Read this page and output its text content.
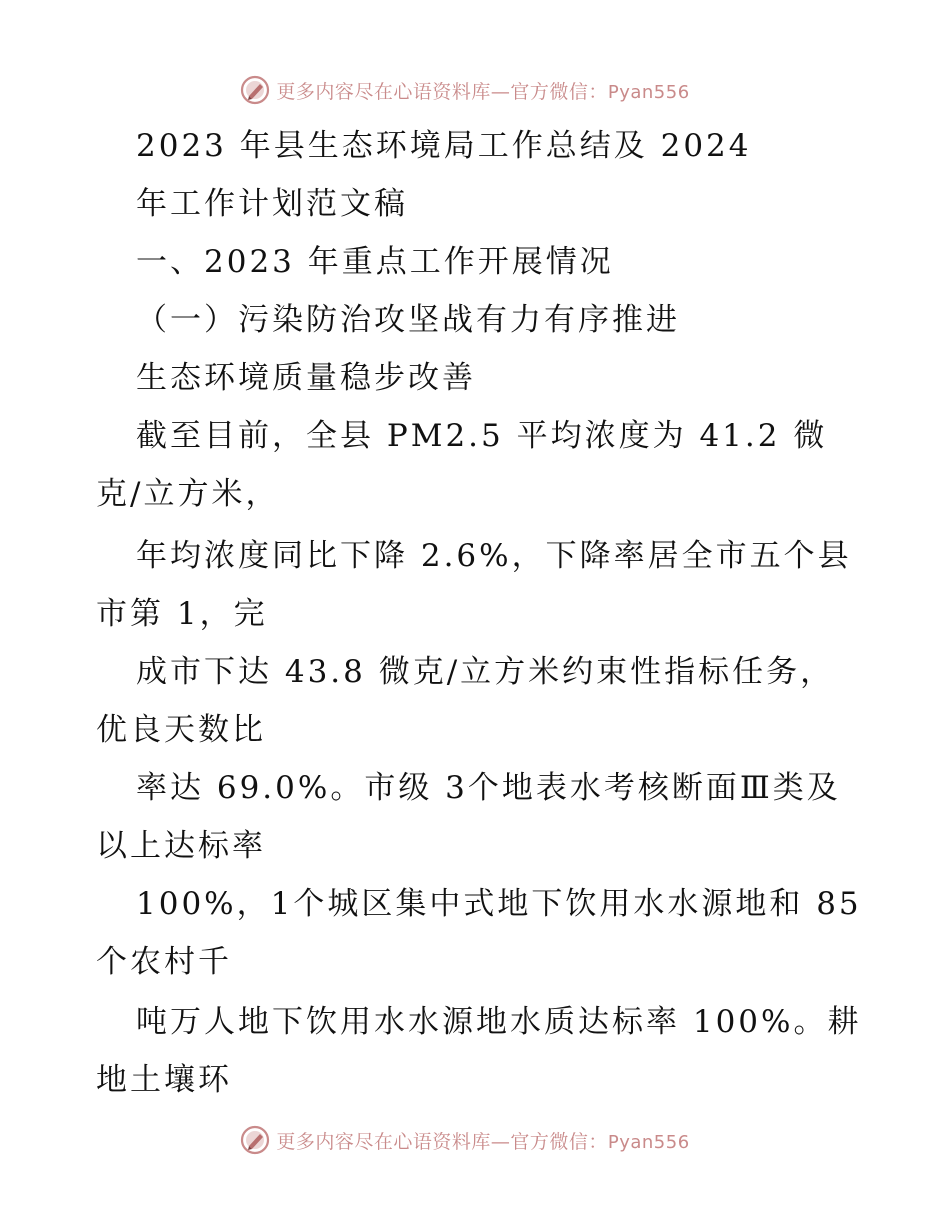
更多内容尽在心语资料库—官方微信：Pyan556
2023 年县生态环境局工作总结及 2024
年工作计划范文稿
一、2023 年重点工作开展情况
（一）污染防治攻坚战有力有序推进
生态环境质量稳步改善
截至目前，全县 PM2.5 平均浓度为 41.2 微
克/立方米，
年均浓度同比下降 2.6%，下降率居全市五个县
市第 1，完
成市下达 43.8 微克/立方米约束性指标任务，
优良天数比
率达 69.0%。市级 3个地表水考核断面Ⅲ类及
以上达标率
100%，1个城区集中式地下饮用水水源地和 85
个农村千
吨万人地下饮用水水源地水质达标率 100%。耕
地土壤环
更多内容尽在心语资料库—官方微信：Pyan556
